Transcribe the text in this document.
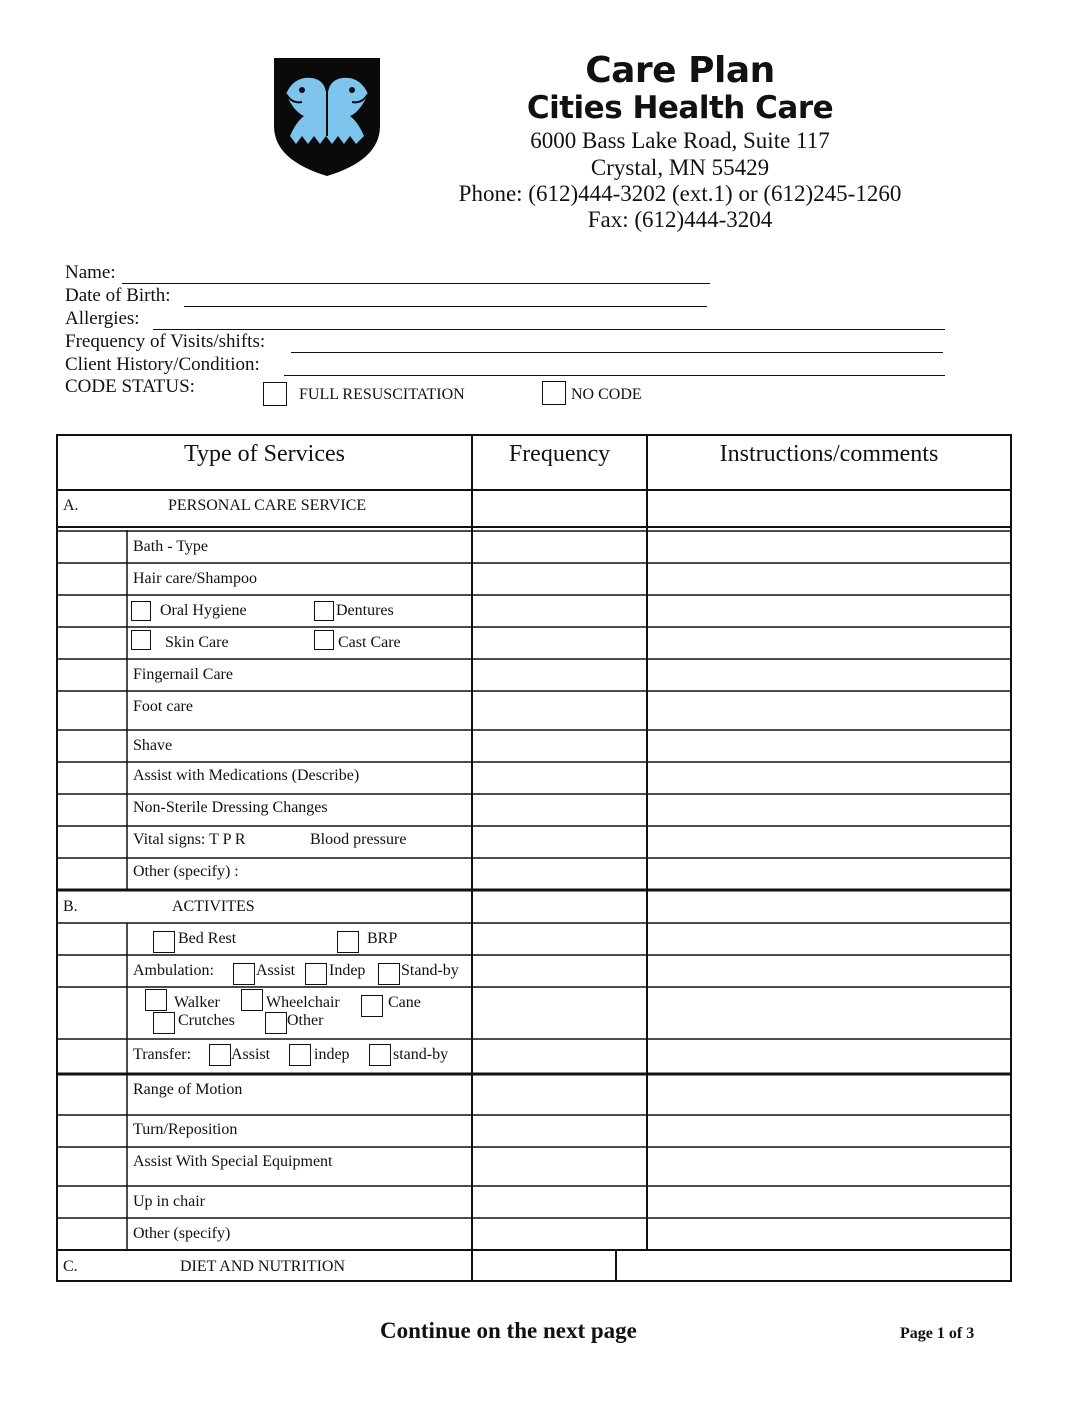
Care Plan
Cities Health Care
6000 Bass Lake Road, Suite 117
Crystal, MN 55429
Phone: (612)444-3202 (ext.1) or (612)245-1260
Fax: (612)444-3204
Name:
Date of Birth:
Allergies:
Frequency of Visits/shifts:
Client History/Condition:
CODE STATUS:	FULL RESUSCITATION	NO CODE
Type of Services	Frequency	Instructions/comments
A.	PERSONAL CARE SERVICE
Bath - Type
Hair care/Shampoo
Oral Hygiene	Dentures
Skin Care	Cast Care
Fingernail Care
Foot care
Shave
Assist with Medications (Describe)
Non-Sterile Dressing Changes
Vital signs: T P R	Blood pressure
Other (specify) :
B.	ACTIVITES
Bed Rest	BRP
Ambulation:	Assist Indep Stand-by
Walker	Wheelchair	Cane
Crutches	Other
Transfer: Assist	indep	stand-by
Range of Motion
Turn/Reposition
Assist With Special Equipment
Up in chair
Other (specify)
C.	DIET AND NUTRITION
Continue on the next page	Page 1 of 3
